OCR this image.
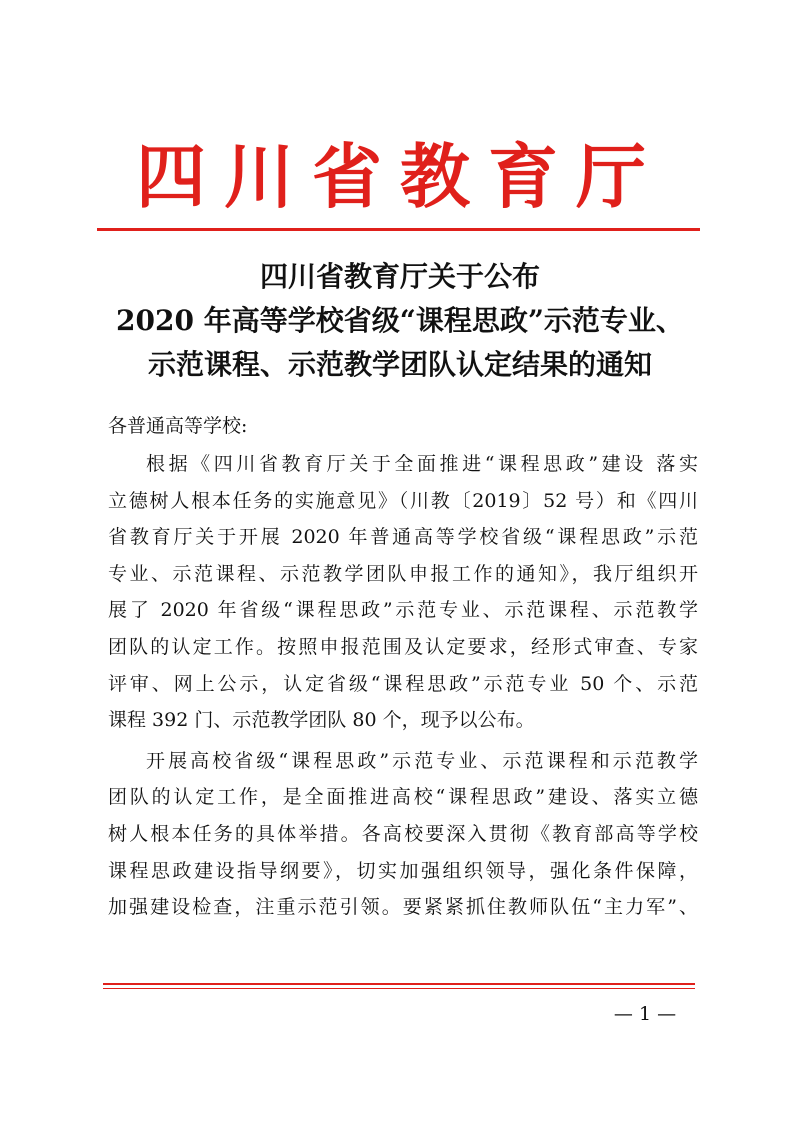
四川省教育厅
四川省教育厅关于公布
2020 年高等学校省级“课程思政”示范专业、
示范课程、示范教学团队认定结果的通知
各普通高等学校:
根据《四川省教育厅关于全面推进“课程思政”建设 落实
立德树人根本任务的实施意见》（川教〔2019〕52 号）和《四川
省教育厅关于开展 2020 年普通高等学校省级“课程思政”示范
专业、示范课程、示范教学团队申报工作的通知》，我厅组织开
展了 2020 年省级“课程思政”示范专业、示范课程、示范教学
团队的认定工作。按照申报范围及认定要求，经形式审查、专家
评审、网上公示，认定省级“课程思政”示范专业 50 个、示范
课程 392 门、示范教学团队 80 个，现予以公布。
开展高校省级“课程思政”示范专业、示范课程和示范教学
团队的认定工作，是全面推进高校“课程思政”建设、落实立德
树人根本任务的具体举措。各高校要深入贯彻《教育部高等学校
课程思政建设指导纲要》，切实加强组织领导，强化条件保障，
加强建设检查，注重示范引领。要紧紧抓住教师队伍“主力军”、
— 1 —
